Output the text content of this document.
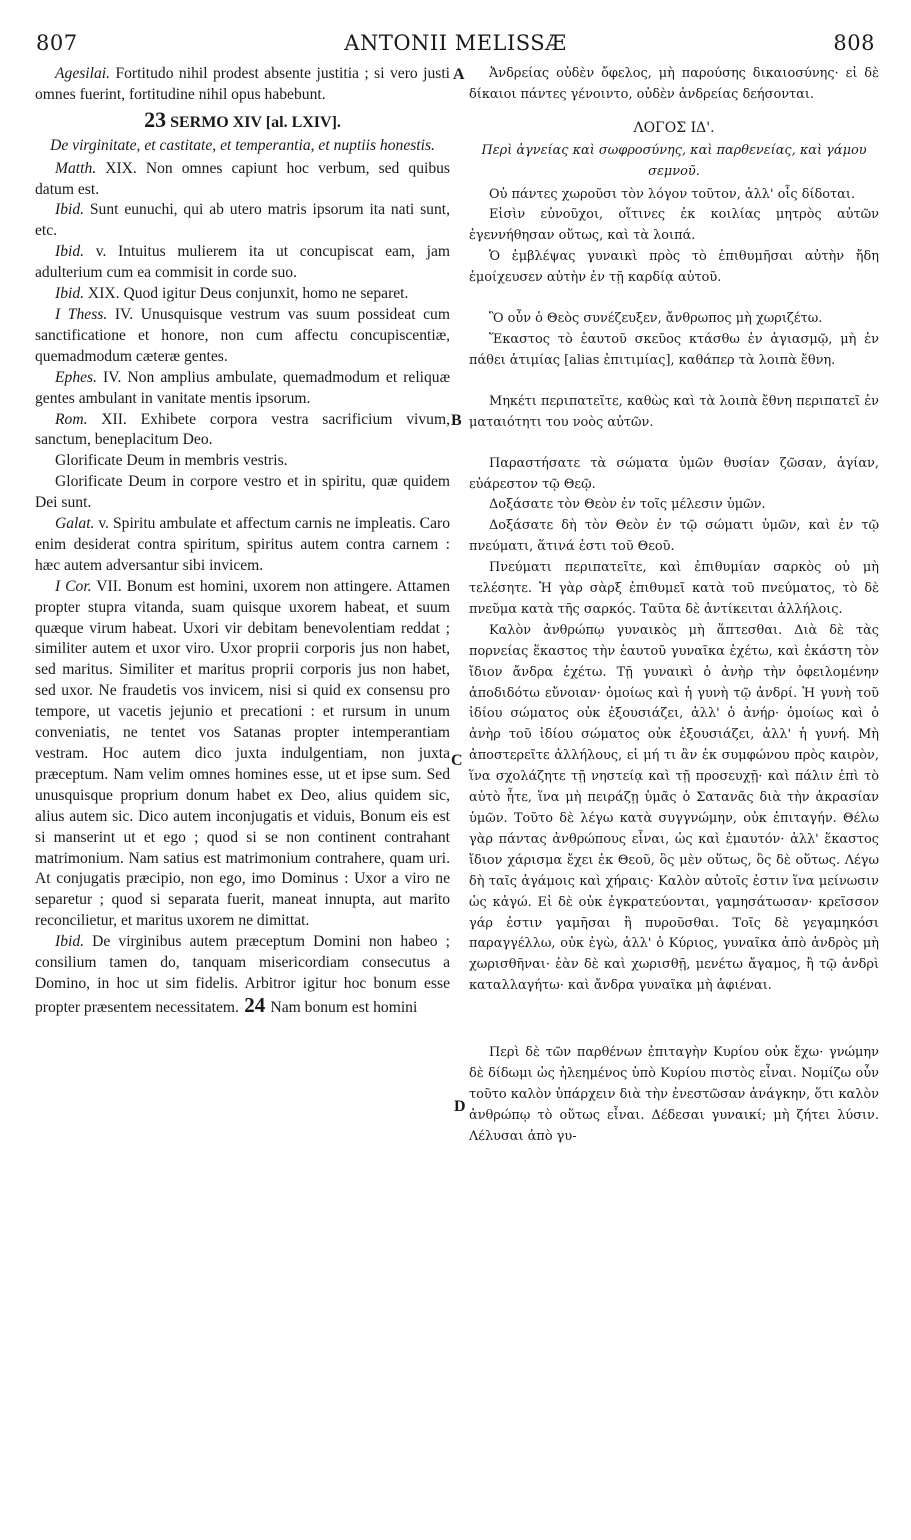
807	ANTONII MELISSÆ	808
A
B
C
D

Agesilai. Fortitudo nihil prodest absente justitia ; si vero justi omnes fuerint, fortitudine nihil opus habebunt.

23 SERMO XIV [al. LXIV].

De virginitate, et castitate, et temperantia, et nuptiis honestis.

Matth. XIX. Non omnes capiunt hoc verbum, sed quibus datum est.

Ibid. Sunt eunuchi, qui ab utero matris ipsorum ita nati sunt, etc.

Ibid. v. Intuitus mulierem ita ut concupiscat eam, jam adulterium cum ea commisit in corde suo.

Ibid. XIX. Quod igitur Deus conjunxit, homo ne separet.

I Thess. IV. Unusquisque vestrum vas suum possideat cum sanctificatione et honore, non cum affectu concupiscentiæ, quemadmodum cæteræ gentes.

Ephes. IV. Non amplius ambulate, quemadmodum et reliquæ gentes ambulant in vanitate mentis ipsorum.

Rom. XII. Exhibete corpora vestra sacrificium vivum, sanctum, beneplacitum Deo.

Glorificate Deum in membris vestris.

Glorificate Deum in corpore vestro et in spiritu, quæ quidem Dei sunt.

Galat. v. Spiritu ambulate et affectum carnis ne impleatis. Caro enim desiderat contra spiritum, spiritus autem contra carnem : hæc autem adversantur sibi invicem.

I Cor. VII. Bonum est homini, uxorem non attingere. Attamen propter stupra vitanda, suam quisque uxorem habeat, et suum quæque virum habeat. Uxori vir debitam benevolentiam reddat ; similiter autem et uxor viro. Uxor proprii corporis jus non habet, sed maritus. Similiter et maritus proprii corporis jus non habet, sed uxor. Ne fraudetis vos invicem, nisi si quid ex consensu pro tempore, ut vacetis jejunio et precationi : et rursum in unum conveniatis, ne tentet vos Satanas propter intemperantiam vestram. Hoc autem dico juxta indulgentiam, non juxta præceptum. Nam velim omnes homines esse, ut et ipse sum. Sed unusquisque proprium donum habet ex Deo, alius quidem sic, alius autem sic. Dico autem inconjugatis et viduis, Bonum eis est si manserint ut et ego ; quod si se non continent contrahant matrimonium. Nam satius est matrimonium contrahere, quam uri. At conjugatis præcipio, non ego, imo Dominus : Uxor a viro ne separetur ; quod si separata fuerit, maneat innupta, aut marito reconcilietur, et maritus uxorem ne dimittat.

Ibid. De virginibus autem præceptum Domini non habeo ; consilium tamen do, tanquam misericordiam consecutus a Domino, in hoc ut sim fidelis. Arbitror igitur hoc bonum esse propter præsentem necessitatem. 24 Nam bonum est homini

Ἀνδρείας οὐδὲν ὄφελος, μὴ παρούσης δικαιοσύνης· εἰ δὲ δίκαιοι πάντες γένοιντο, οὐδὲν ἀνδρείας δεήσονται.

ΛΟΓΟΣ ΙΔ'.

Περὶ ἀγνείας καὶ σωφροσύνης, καὶ παρθενείας, καὶ γάμου σεμνοῦ.

Οὐ πάντες χωροῦσι τὸν λόγον τοῦτον, ἀλλ' οἷς δίδοται.

Εἰσὶν εὐνοῦχοι, οἵτινες ἐκ κοιλίας μητρὸς αὐτῶν ἐγεννήθησαν οὕτως, καὶ τὰ λοιπά.

Ὁ ἐμβλέψας γυναικὶ πρὸς τὸ ἐπιθυμῆσαι αὐτὴν ἤδη ἐμοίχευσεν αὐτὴν ἐν τῇ καρδίᾳ αὐτοῦ.

Ὃ οὖν ὁ Θεὸς συνέζευξεν, ἄνθρωπος μὴ χωριζέτω.

Ἕκαστος τὸ ἑαυτοῦ σκεῦος κτάσθω ἐν ἁγιασμῷ, μὴ ἐν πάθει ἀτιμίας [alias ἐπιτιμίας], καθάπερ τὰ λοιπὰ ἔθνη.

Μηκέτι περιπατεῖτε, καθὼς καὶ τὰ λοιπὰ ἔθνη περιπατεῖ ἐν ματαιότητι του νοὸς αὐτῶν.

Παραστήσατε τὰ σώματα ὑμῶν θυσίαν ζῶσαν, ἁγίαν, εὐάρεστον τῷ Θεῷ.

Δοξάσατε τὸν Θεὸν ἐν τοῖς μέλεσιν ὑμῶν.

Δοξάσατε δὴ τὸν Θεὸν ἐν τῷ σώματι ὑμῶν, καὶ ἐν τῷ πνεύματι, ἅτινά ἐστι τοῦ Θεοῦ.

Πνεύματι περιπατεῖτε, καὶ ἐπιθυμίαν σαρκὸς οὐ μὴ τελέσητε. Ἡ γὰρ σὰρξ ἐπιθυμεῖ κατὰ τοῦ πνεύματος, τὸ δὲ πνεῦμα κατὰ τῆς σαρκός. Ταῦτα δὲ ἀντίκειται ἀλλήλοις.

Καλὸν ἀνθρώπῳ γυναικὸς μὴ ἅπτεσθαι. Διὰ δὲ τὰς πορνείας ἕκαστος τὴν ἑαυτοῦ γυναῖκα ἐχέτω, καὶ ἑκάστη τὸν ἴδιον ἄνδρα ἐχέτω. Τῇ γυναικὶ ὁ ἀνὴρ τὴν ὀφειλομένην ἀποδιδότω εὔνοιαν· ὁμοίως καὶ ἡ γυνὴ τῷ ἀνδρί. Ἡ γυνὴ τοῦ ἰδίου σώματος οὐκ ἐξουσιάζει, ἀλλ' ὁ ἀνήρ· ὁμοίως καὶ ὁ ἀνὴρ τοῦ ἰδίου σώματος οὐκ ἐξουσιάζει, ἀλλ' ἡ γυνή. Μὴ ἀποστερεῖτε ἀλλήλους, εἰ μή τι ἂν ἐκ συμφώνου πρὸς καιρὸν, ἵνα σχολάζητε τῇ νηστείᾳ καὶ τῇ προσευχῇ· καὶ πάλιν ἐπὶ τὸ αὐτὸ ἦτε, ἵνα μὴ πειράζῃ ὑμᾶς ὁ Σατανᾶς διὰ τὴν ἀκρασίαν ὑμῶν. Τοῦτο δὲ λέγω κατὰ συγγνώμην, οὐκ ἐπιταγήν. Θέλω γὰρ πάντας ἀνθρώπους εἶναι, ὡς καὶ ἐμαυτόν· ἀλλ' ἕκαστος ἴδιον χάρισμα ἔχει ἐκ Θεοῦ, ὃς μὲν οὕτως, ὃς δὲ οὕτως. Λέγω δὴ ταῖς ἀγάμοις καὶ χήραις· Καλὸν αὐτοῖς ἐστιν ἵνα μείνωσιν ὡς κἀγώ. Εἰ δὲ οὐκ ἐγκρατεύονται, γαμησάτωσαν· κρεῖσσον γάρ ἐστιν γαμῆσαι ἢ πυροῦσθαι. Τοῖς δὲ γεγαμηκόσι παραγγέλλω, οὐκ ἐγὼ, ἀλλ' ὁ Κύριος, γυναῖκα ἀπὸ ἀνδρὸς μὴ χωρισθῆναι· ἐὰν δὲ καὶ χωρισθῇ, μενέτω ἄγαμος, ἢ τῷ ἀνδρὶ καταλλαγήτω· καὶ ἄνδρα γυναῖκα μὴ ἀφιέναι.

Περὶ δὲ τῶν παρθένων ἐπιταγὴν Κυρίου οὐκ ἔχω· γνώμην δὲ δίδωμι ὡς ἠλεημένος ὑπὸ Κυρίου πιστὸς εἶναι. Νομίζω οὖν τοῦτο καλὸν ὑπάρχειν διὰ τὴν ἐνεστῶσαν ἀνάγκην, ὅτι καλὸν ἀνθρώπῳ τὸ οὕτως εἶναι. Δέδεσαι γυναικί; μὴ ζήτει λύσιν. Λέλυσαι ἀπὸ γυ-
